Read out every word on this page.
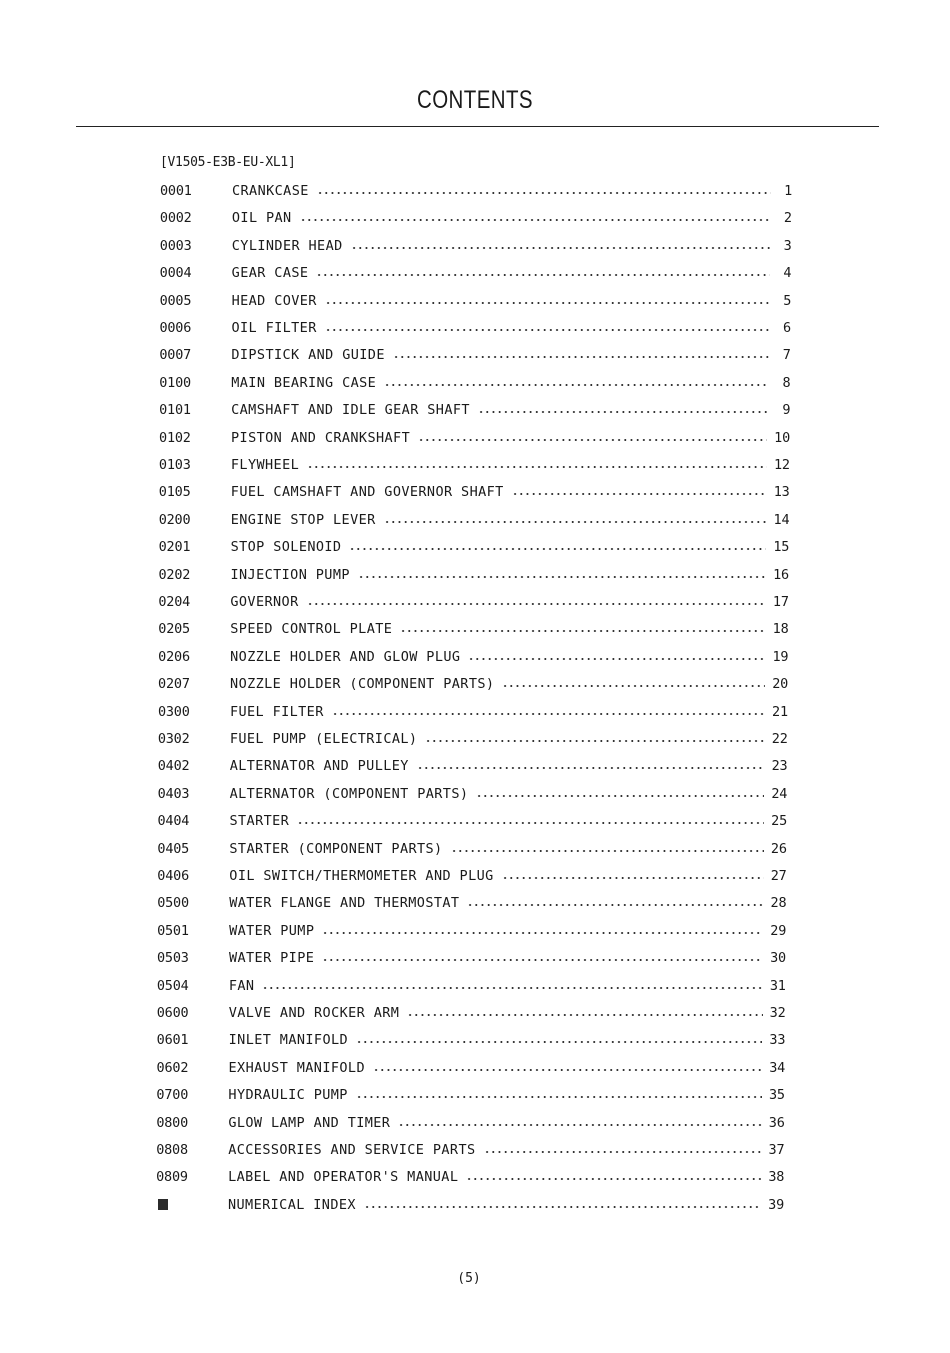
CONTENTS
[V1505-E3B-EU-XL1]
0001	CRANKCASE	1
0002	OIL PAN	2
0003	CYLINDER HEAD	3
0004	GEAR CASE	4
0005	HEAD COVER	5
0006	OIL FILTER	6
0007	DIPSTICK AND GUIDE	7
0100	MAIN BEARING CASE	8
0101	CAMSHAFT AND IDLE GEAR SHAFT	9
0102	PISTON AND CRANKSHAFT	10
0103	FLYWHEEL	12
0105	FUEL CAMSHAFT AND GOVERNOR SHAFT	13
0200	ENGINE STOP LEVER	14
0201	STOP SOLENOID	15
0202	INJECTION PUMP	16
0204	GOVERNOR	17
0205	SPEED CONTROL PLATE	18
0206	NOZZLE HOLDER AND GLOW PLUG	19
0207	NOZZLE HOLDER (COMPONENT PARTS)	20
0300	FUEL FILTER	21
0302	FUEL PUMP (ELECTRICAL)	22
0402	ALTERNATOR AND PULLEY	23
0403	ALTERNATOR (COMPONENT PARTS)	24
0404	STARTER	25
0405	STARTER (COMPONENT PARTS)	26
0406	OIL SWITCH/THERMOMETER AND PLUG	27
0500	WATER FLANGE AND THERMOSTAT	28
0501	WATER PUMP	29
0503	WATER PIPE	30
0504	FAN	31
0600	VALVE AND ROCKER ARM	32
0601	INLET MANIFOLD	33
0602	EXHAUST MANIFOLD	34
0700	HYDRAULIC PUMP	35
0800	GLOW LAMP AND TIMER	36
0808	ACCESSORIES AND SERVICE PARTS	37
0809	LABEL AND OPERATOR'S MANUAL	38
NUMERICAL INDEX	39
(5)
